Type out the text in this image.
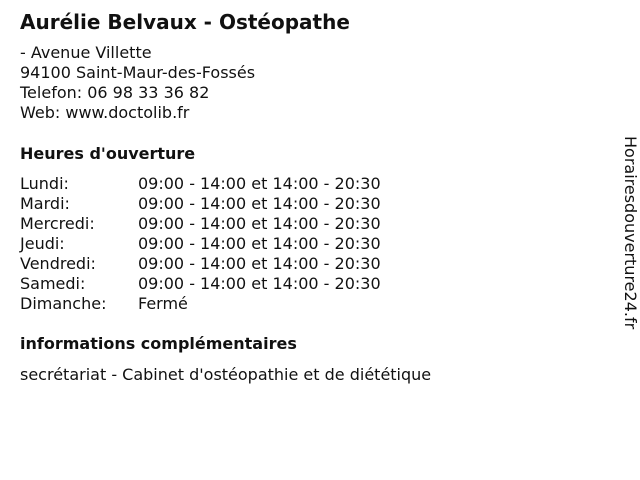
Aurélie Belvaux - Ostéopathe
- Avenue Villette
94100 Saint-Maur-des-Fossés
Telefon: 06 98 33 36 82
Web: www.doctolib.fr
Heures d'ouverture
Lundi:	09:00 - 14:00 et 14:00 - 20:30
Mardi:	09:00 - 14:00 et 14:00 - 20:30
Mercredi:	09:00 - 14:00 et 14:00 - 20:30
Jeudi:	09:00 - 14:00 et 14:00 - 20:30
Vendredi:	09:00 - 14:00 et 14:00 - 20:30
Samedi:	09:00 - 14:00 et 14:00 - 20:30
Dimanche:	Fermé
informations complémentaires
secrétariat - Cabinet d'ostéopathie et de diététique
Horairesdouverture24.fr
